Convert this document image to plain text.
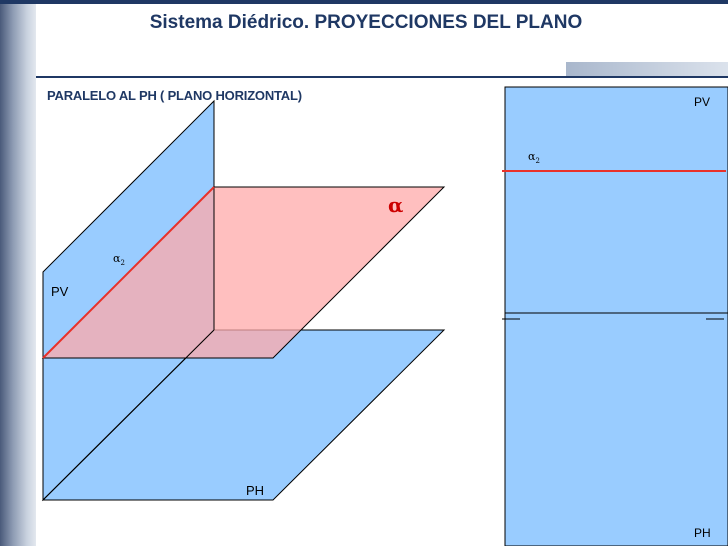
Sistema Diédrico. PROYECCIONES DEL PLANO
PARALELO AL PH ( PLANO HORIZONTAL)
PV
PH
α
$\alpha_2$
PV
PH
$\alpha_2$
